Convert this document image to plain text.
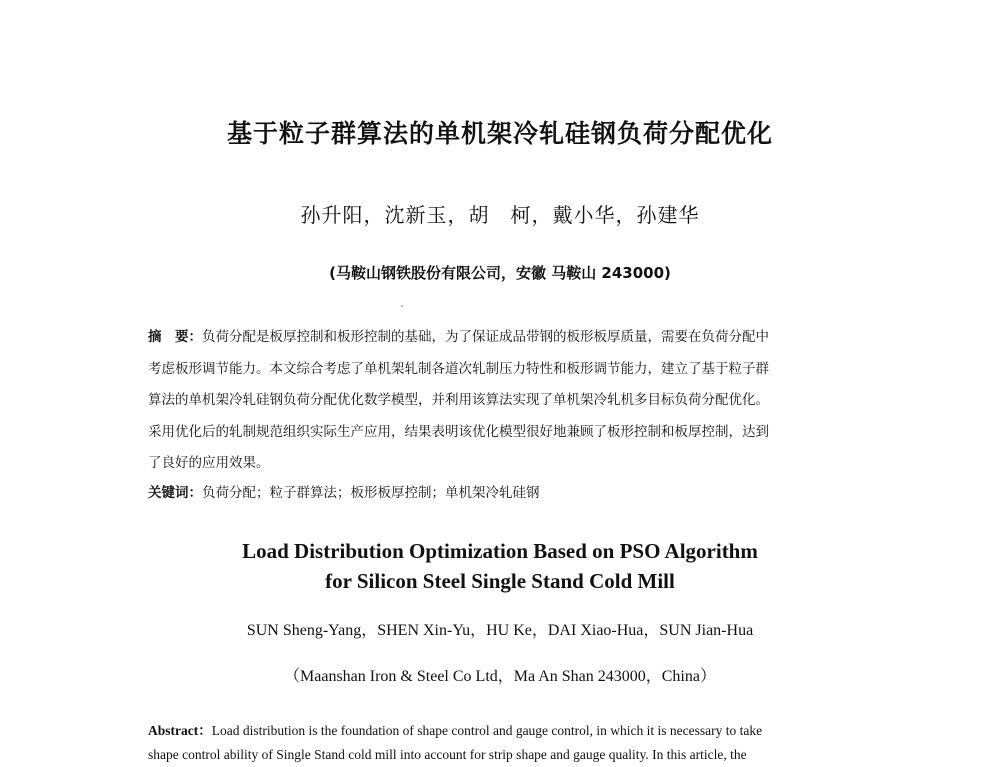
基于粒子群算法的单机架冷轧硅钢负荷分配优化
孙升阳，沈新玉，胡　柯，戴小华，孙建华
(马鞍山钢铁股份有限公司，安徽 马鞍山 243000)
摘　要：负荷分配是板厚控制和板形控制的基础，为了保证成品带钢的板形板厚质量，需要在负荷分配中
考虑板形调节能力。本文综合考虑了单机架轧制各道次轧制压力特性和板形调节能力，建立了基于粒子群
算法的单机架冷轧硅钢负荷分配优化数学模型，并利用该算法实现了单机架冷轧机多目标负荷分配优化。
采用优化后的轧制规范组织实际生产应用，结果表明该优化模型很好地兼顾了板形控制和板厚控制，达到
了良好的应用效果。
关键词：负荷分配；粒子群算法；板形板厚控制；单机架冷轧硅钢
Load Distribution Optimization Based on PSO Algorithm
for Silicon Steel Single Stand Cold Mill
SUN Sheng-Yang，SHEN Xin-Yu，HU Ke，DAI Xiao-Hua，SUN Jian-Hua
（Maanshan Iron & Steel Co Ltd，Ma An Shan 243000，China）
Abstract：Load distribution is the foundation of shape control and gauge control, in which it is necessary to take
shape control ability of Single Stand cold mill into account for strip shape and gauge quality. In this article, the
